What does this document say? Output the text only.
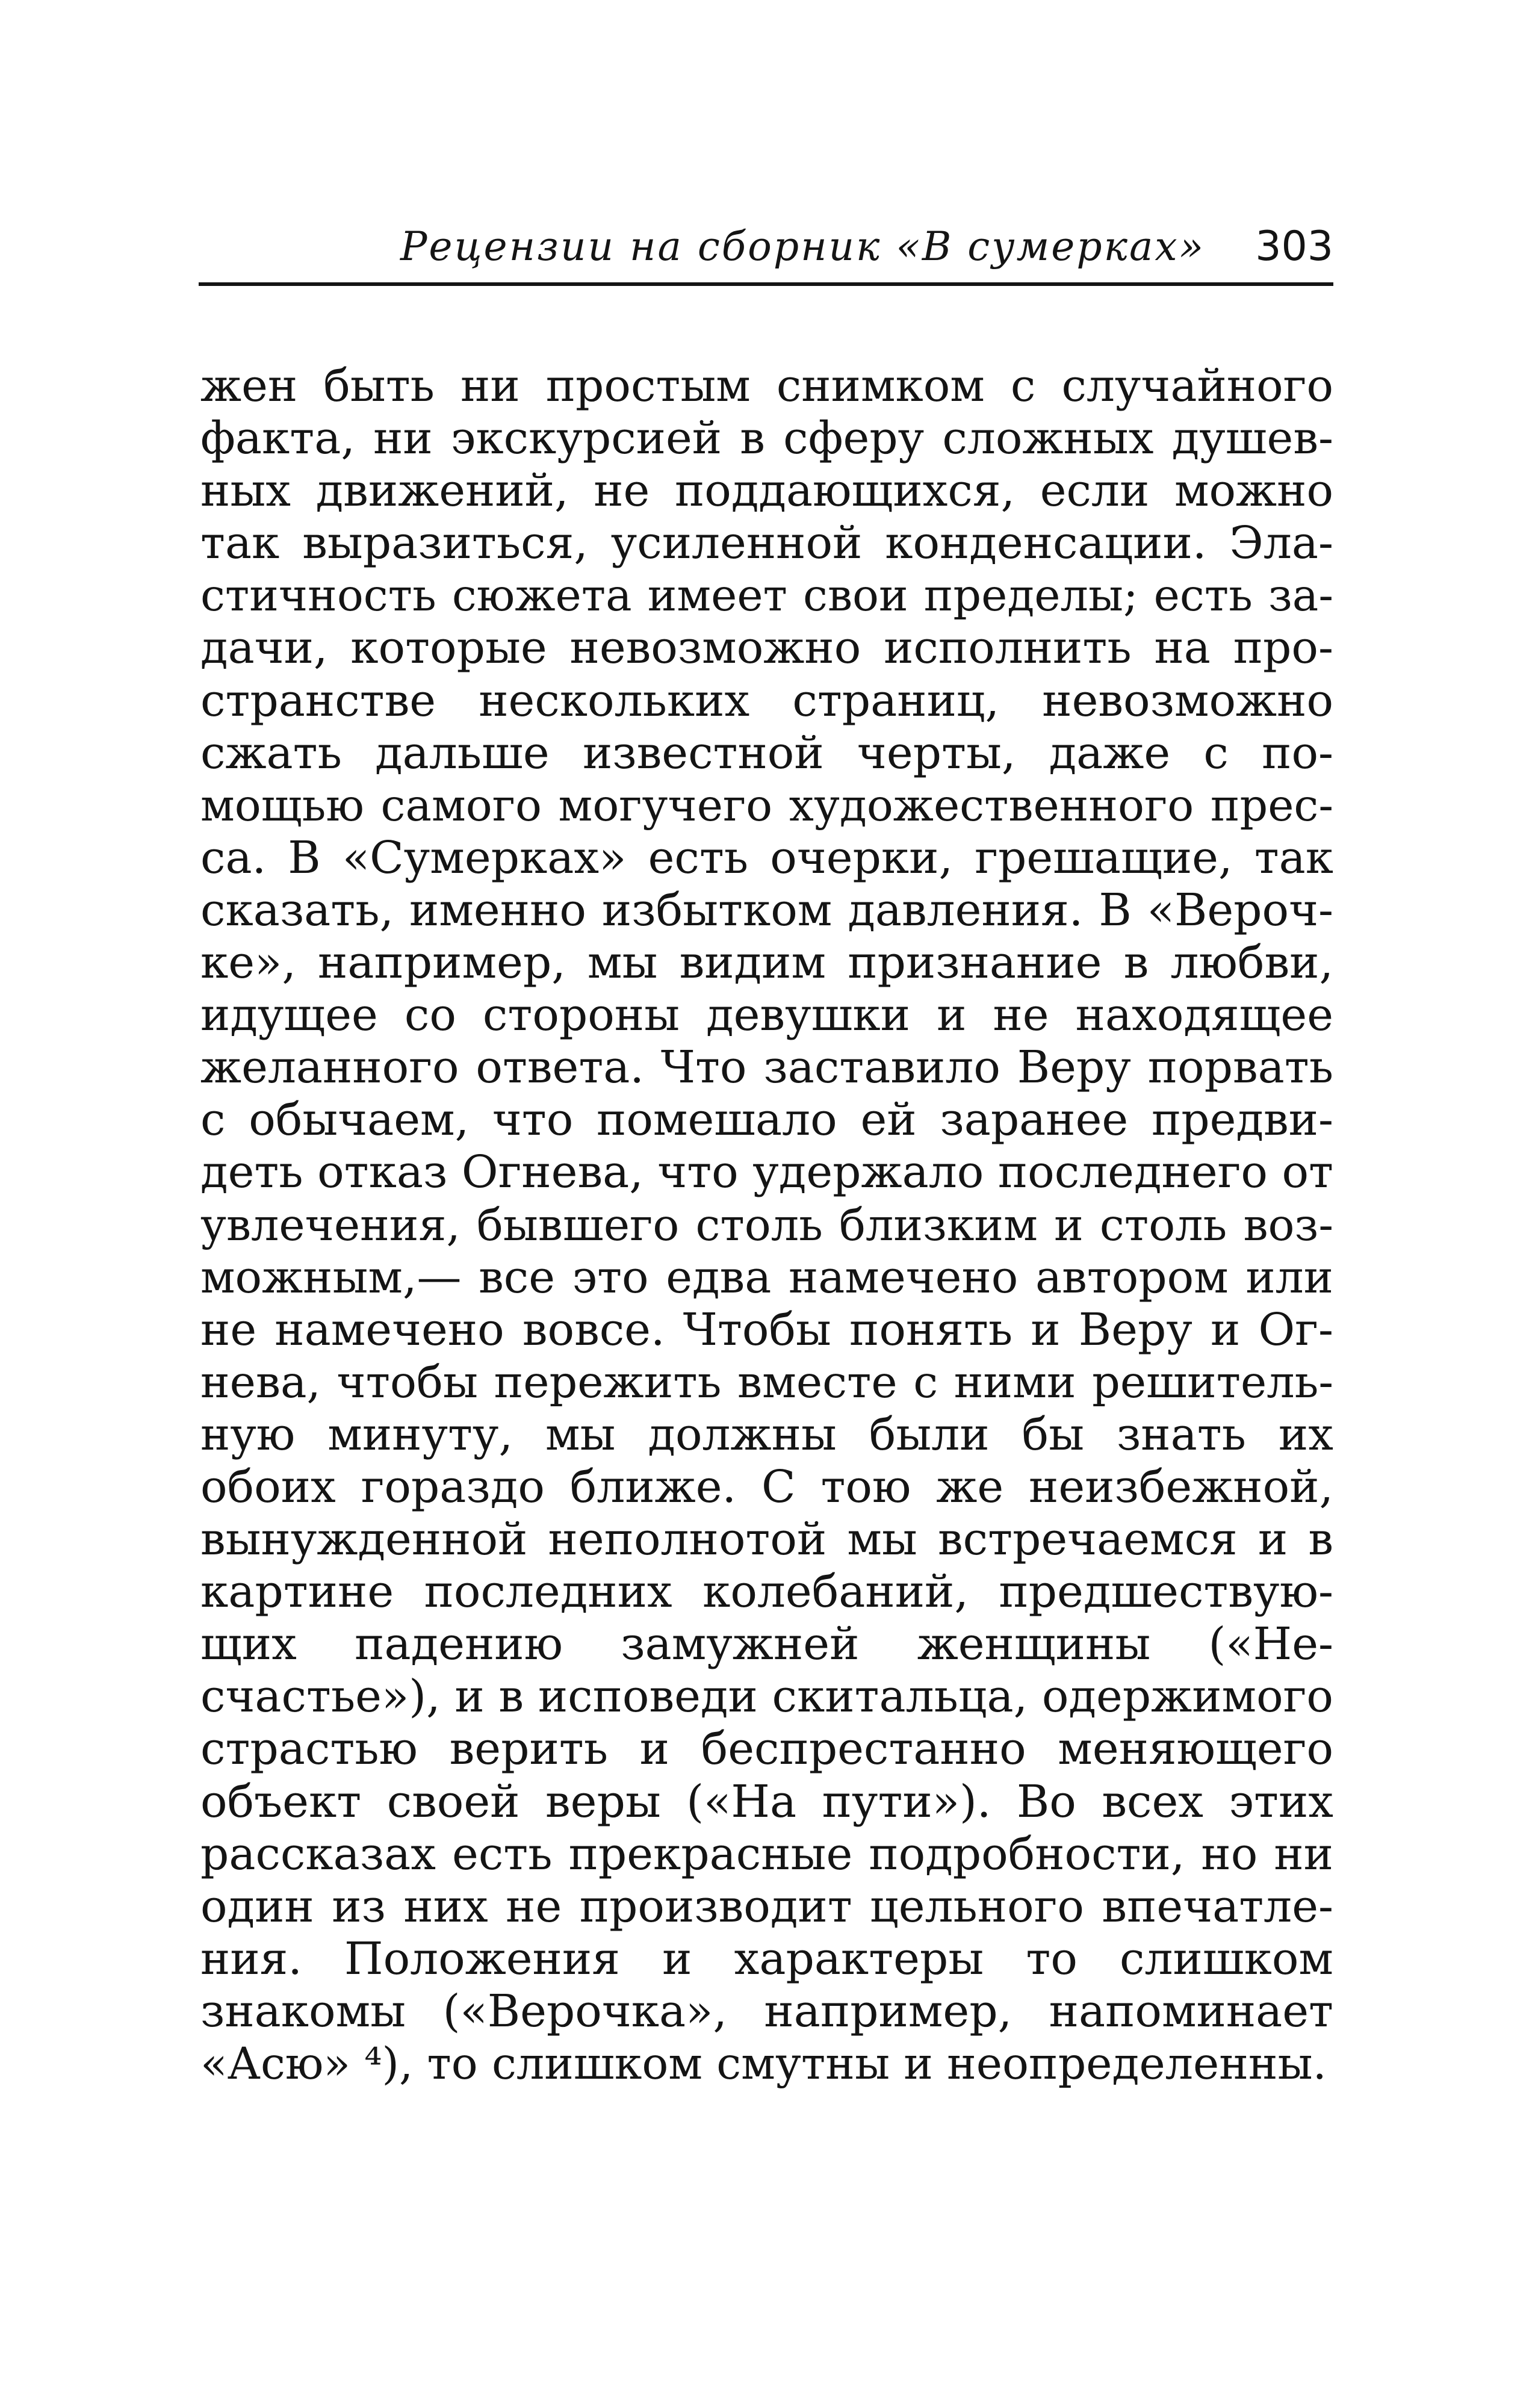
Рецензии на сборник «В сумерках» 303
жен быть ни простым снимком с случайного
факта, ни экскурсией в сферу сложных душев-
ных движений, не поддающихся, если можно
так выразиться, усиленной конденсации. Эла-
стичность сюжета имеет свои пределы; есть за-
дачи, которые невозможно исполнить на про-
странстве нескольких страниц, невозможно
сжать дальше известной черты, даже с по-
мощью самого могучего художественного прес-
са. В «Сумерках» есть очерки, грешащие, так
сказать, именно избытком давления. В «Вероч-
ке», например, мы видим признание в любви,
идущее со стороны девушки и не находящее
желанного ответа. Что заставило Веру порвать
с обычаем, что помешало ей заранее предви-
деть отказ Огнева, что удержало последнего от
увлечения, бывшего столь близким и столь воз-
можным,— все это едва намечено автором или
не намечено вовсе. Чтобы понять и Веру и Ог-
нева, чтобы пережить вместе с ними решитель-
ную минуту, мы должны были бы знать их
обоих гораздо ближе. С тою же неизбежной,
вынужденной неполнотой мы встречаемся и в
картине последних колебаний, предшествую-
щих падению замужней женщины («Не-
счастье»), и в исповеди скитальца, одержимого
страстью верить и беспрестанно меняющего
объект своей веры («На пути»). Во всех этих
рассказах есть прекрасные подробности, но ни
один из них не производит цельного впечатле-
ния. Положения и характеры то слишком
знакомы («Верочка», например, напоминает
«Асю» ⁴), то слишком смутны и неопределенны.
